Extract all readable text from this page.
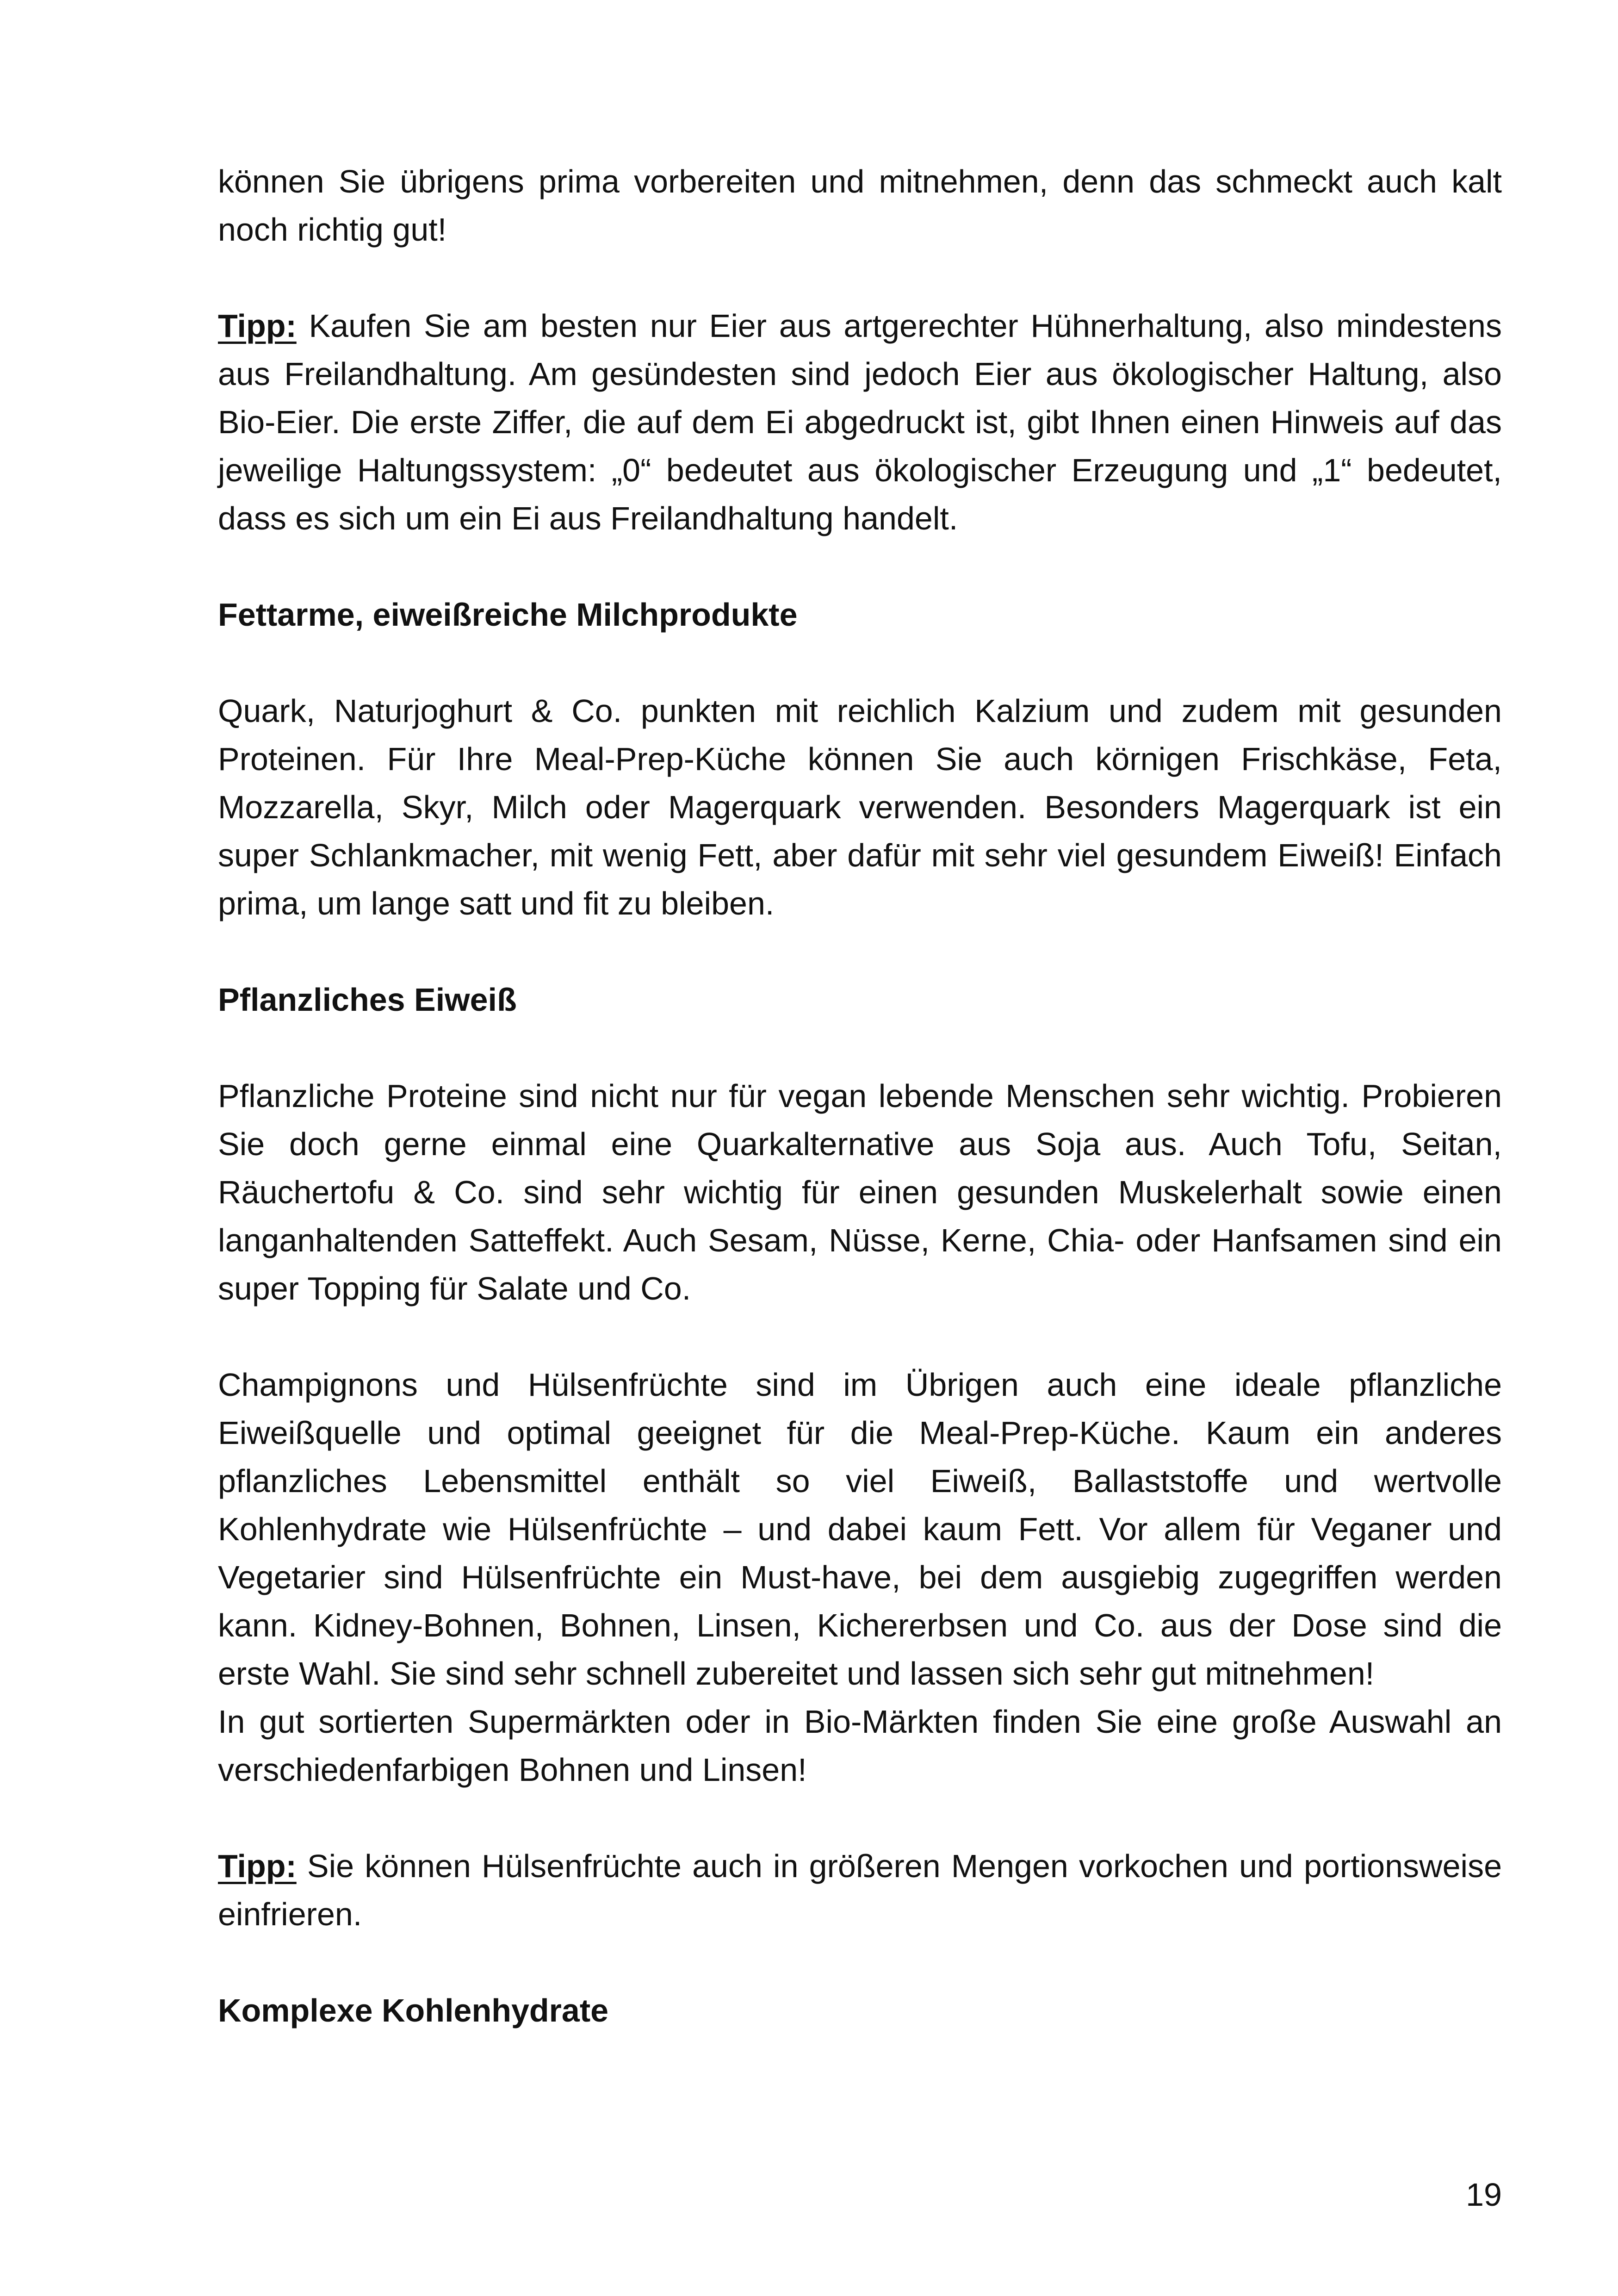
können Sie übrigens prima vorbereiten und mitnehmen, denn das schmeckt auch kalt noch richtig gut!

Tipp: Kaufen Sie am besten nur Eier aus artgerechter Hühnerhaltung, also mindestens aus Freilandhaltung. Am gesündesten sind jedoch Eier aus ökologischer Haltung, also Bio-Eier. Die erste Ziffer, die auf dem Ei abgedruckt ist, gibt Ihnen einen Hinweis auf das jeweilige Haltungssystem: „0“ bedeutet aus ökologischer Erzeugung und „1“ bedeutet, dass es sich um ein Ei aus Freilandhaltung handelt.

Fettarme, eiweißreiche Milchprodukte

Quark, Naturjoghurt & Co. punkten mit reichlich Kalzium und zudem mit gesunden Proteinen. Für Ihre Meal-Prep-Küche können Sie auch körnigen Frischkäse, Feta, Mozzarella, Skyr, Milch oder Magerquark verwenden. Besonders Magerquark ist ein super Schlankmacher, mit wenig Fett, aber dafür mit sehr viel gesundem Eiweiß! Einfach prima, um lange satt und fit zu bleiben.

Pflanzliches Eiweiß

Pflanzliche Proteine sind nicht nur für vegan lebende Menschen sehr wichtig. Probieren Sie doch gerne einmal eine Quarkalternative aus Soja aus. Auch Tofu, Seitan, Räuchertofu & Co. sind sehr wichtig für einen gesunden Muskelerhalt sowie einen langanhaltenden Satteffekt. Auch Sesam, Nüsse, Kerne, Chia- oder Hanfsamen sind ein super Topping für Salate und Co.

Champignons und Hülsenfrüchte sind im Übrigen auch eine ideale pflanzliche Eiweißquelle und optimal geeignet für die Meal-Prep-Küche. Kaum ein anderes pflanzliches Lebensmittel enthält so viel Eiweiß, Ballaststoffe und wertvolle Kohlenhydrate wie Hülsenfrüchte – und dabei kaum Fett. Vor allem für Veganer und Vegetarier sind Hülsenfrüchte ein Must-have, bei dem ausgiebig zugegriffen werden kann. Kidney-Bohnen, Bohnen, Linsen, Kichererbsen und Co. aus der Dose sind die erste Wahl. Sie sind sehr schnell zubereitet und lassen sich sehr gut mitnehmen!

In gut sortierten Supermärkten oder in Bio-Märkten finden Sie eine große Auswahl an verschiedenfarbigen Bohnen und Linsen!

Tipp: Sie können Hülsenfrüchte auch in größeren Mengen vorkochen und portionsweise einfrieren.

Komplexe Kohlenhydrate
19
